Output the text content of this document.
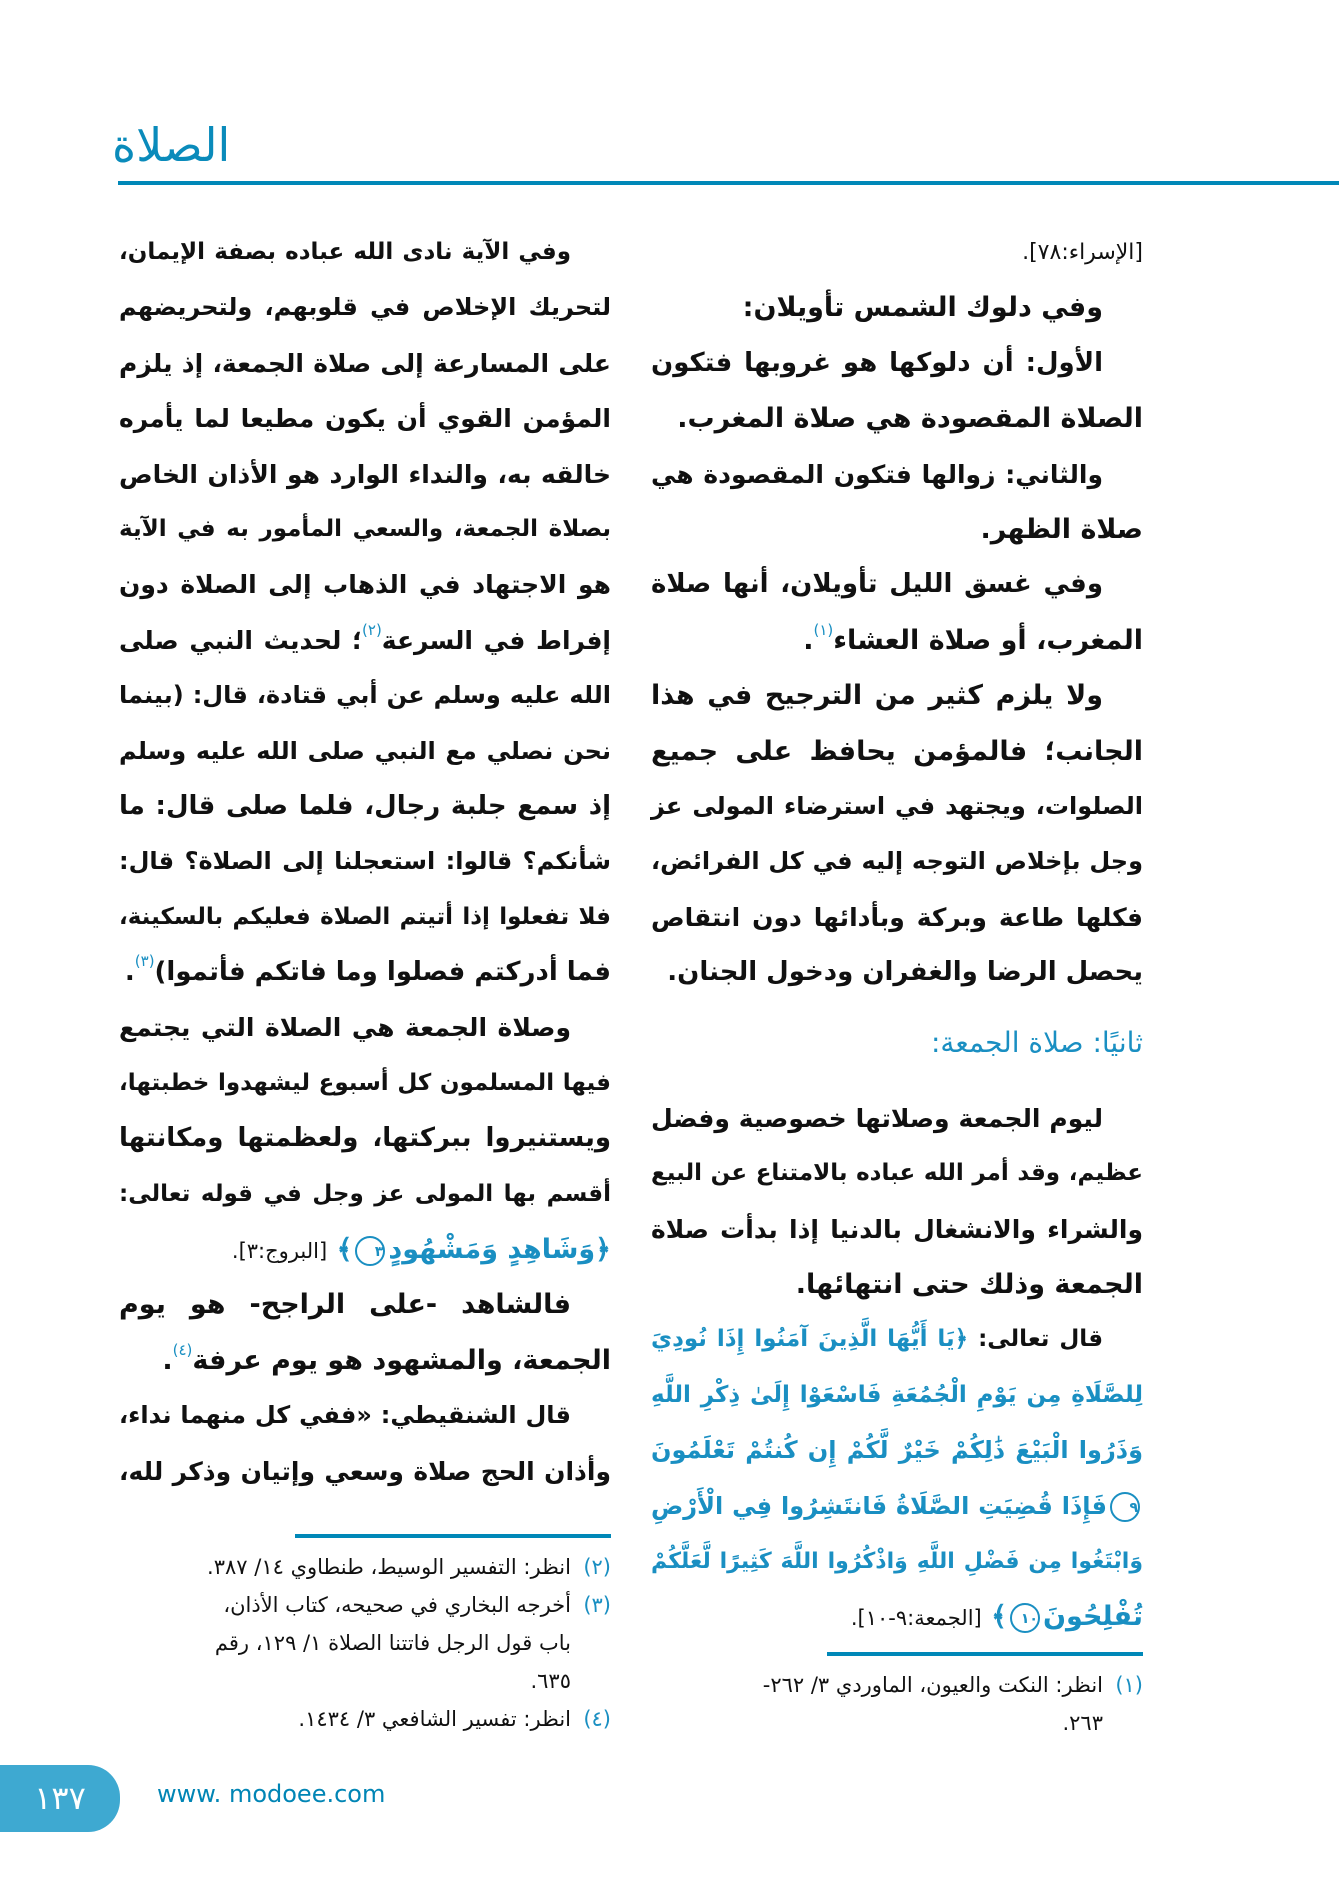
الصلاة
[الإسراء:٧٨].
وفي دلوك الشمس تأويلان:
الأول: أن دلوكها هو غروبها فتكون
الصلاة المقصودة هي صلاة المغرب.
والثاني: زوالها فتكون المقصودة هي
صلاة الظهر.
وفي غسق الليل تأويلان، أنها صلاة
المغرب، أو صلاة العشاء$^{(١)}$.
ولا يلزم كثير من الترجيح في هذا
الجانب؛ فالمؤمن يحافظ على جميع
الصلوات، ويجتهد في استرضاء المولى عز
وجل بإخلاص التوجه إليه في كل الفرائض،
فكلها طاعة وبركة وبأدائها دون انتقاص
يحصل الرضا والغفران ودخول الجنان.
ثانيًا: صلاة الجمعة:
ليوم الجمعة وصلاتها خصوصية وفضل
عظيم، وقد أمر الله عباده بالامتناع عن البيع
والشراء والانشغال بالدنيا إذا بدأت صلاة
الجمعة وذلك حتى انتهائها.
قال تعالى: ﴿يَا أَيُّهَا الَّذِينَ آمَنُوا إِذَا نُودِيَ
لِلصَّلَاةِ مِن يَوْمِ الْجُمُعَةِ فَاسْعَوْا إِلَىٰ ذِكْرِ اللَّهِ
وَذَرُوا الْبَيْعَ ذَٰلِكُمْ خَيْرٌ لَّكُمْ إِن كُنتُمْ تَعْلَمُونَ
٩فَإِذَا قُضِيَتِ الصَّلَاةُ فَانتَشِرُوا فِي الْأَرْضِ
وَابْتَغُوا مِن فَضْلِ اللَّهِ وَاذْكُرُوا اللَّهَ كَثِيرًا لَّعَلَّكُمْ
تُفْلِحُونَ١٠﴾ [الجمعة:٩-١٠].
وفي الآية نادى الله عباده بصفة الإيمان،
لتحريك الإخلاص في قلوبهم، ولتحريضهم
على المسارعة إلى صلاة الجمعة، إذ يلزم
المؤمن القوي أن يكون مطيعا لما يأمره
خالقه به، والنداء الوارد هو الأذان الخاص
بصلاة الجمعة، والسعي المأمور به في الآية
هو الاجتهاد في الذهاب إلى الصلاة دون
إفراط في السرعة$^{(٢)}$؛ لحديث النبي صلى
الله عليه وسلم عن أبي قتادة، قال: (بينما
نحن نصلي مع النبي صلى الله عليه وسلم
إذ سمع جلبة رجال، فلما صلى قال: ما
شأنكم؟ قالوا: استعجلنا إلى الصلاة؟ قال:
فلا تفعلوا إذا أتيتم الصلاة فعليكم بالسكينة،
فما أدركتم فصلوا وما فاتكم فأتموا)$^{(٣)}$.
وصلاة الجمعة هي الصلاة التي يجتمع
فيها المسلمون كل أسبوع ليشهدوا خطبتها،
ويستنيروا ببركتها، ولعظمتها ومكانتها
أقسم بها المولى عز وجل في قوله تعالى:
﴿وَشَاهِدٍ وَمَشْهُودٍ٣﴾ [البروج:٣].
فالشاهد -على الراجح- هو يوم
الجمعة، والمشهود هو يوم عرفة$^{(٤)}$.
قال الشنقيطي: «ففي كل منهما نداء،
وأذان الحج صلاة وسعي وإتيان وذكر لله،
(١)انظر: النكت والعيون، الماوردي ٣/ ٢٦٢-
٢٦٣.
(٢)انظر: التفسير الوسيط، طنطاوي ١٤/ ٣٨٧.
(٣)أخرجه البخاري في صحيحه، كتاب الأذان،
باب قول الرجل فاتتنا الصلاة ١/ ١٢٩، رقم
٦٣٥.
(٤)انظر: تفسير الشافعي ٣/ ١٤٣٤.
١٣٧	www. modoee.com
